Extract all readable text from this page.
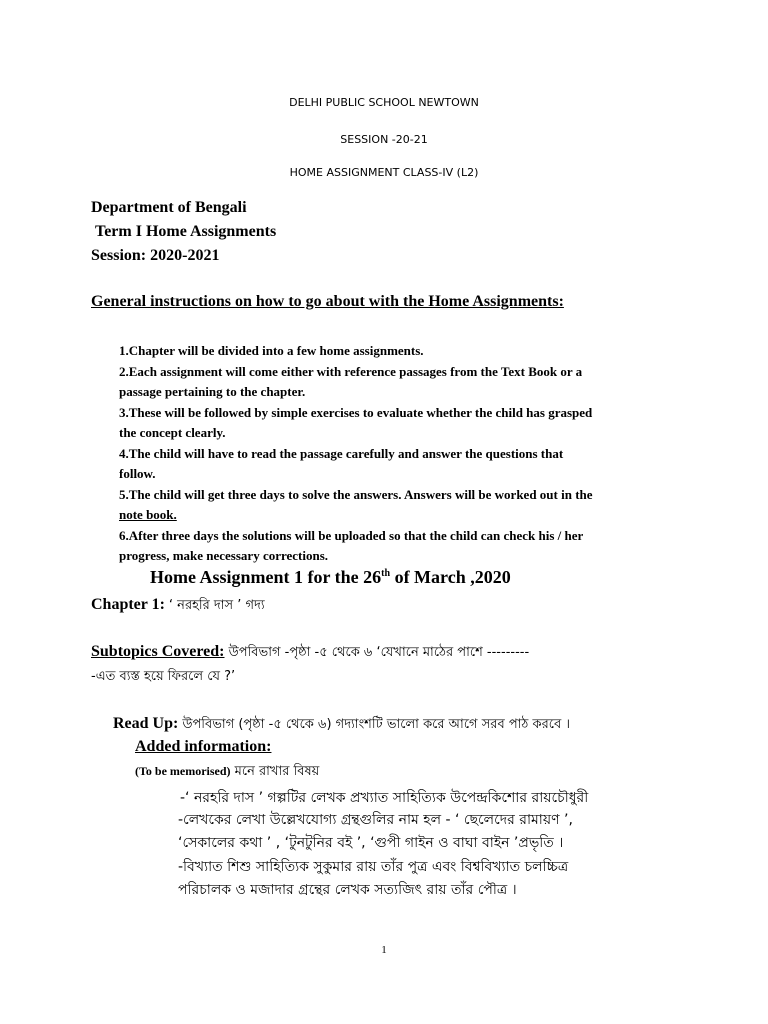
DELHI PUBLIC SCHOOL NEWTOWN
SESSION -20-21
HOME ASSIGNMENT CLASS-IV (L2)
Department of Bengali
Term I Home Assignments
Session: 2020-2021
General instructions on how to go about with the Home Assignments:
1.Chapter will be divided into a few home assignments.
2.Each assignment will come either with reference passages from the Text Book or a
passage pertaining to the chapter.
3.These will be followed by simple exercises to evaluate whether the child has grasped
the concept clearly.
4.The child will have to read the passage carefully and answer the questions that
follow.
5.The child will get three days to solve the answers. Answers will be worked out in the
note book.
6.After three days the solutions will be uploaded so that the child can check his / her
progress, make necessary corrections.
Home Assignment 1 for the 26th of March ,2020
Chapter 1: ‘ নরহরি দাস ’ গদ্য
Subtopics Covered: উপবিভাগ -পৃষ্ঠা -৫ থেকে ৬ ‘যেখানে মাঠের পাশে ---------
-এত ব্যস্ত হয়ে ফিরলে যে ?’
Read Up: উপবিভাগ (পৃষ্ঠা -৫ থেকে ৬) গদ্যাংশটি ভালো করে আগে সরব পাঠ করবে ।
Added information:
(To be memorised) মনে রাখার বিষয়
-‘ নরহরি দাস ’ গল্পটির লেখক প্রখ্যাত সাহিত্যিক উপেন্দ্রকিশোর রায়চৌধুরী
-লেখকের লেখা উল্লেখযোগ্য গ্রন্থগুলির নাম হল - ‘ ছেলেদের রামায়ণ ’,
‘সেকালের কথা ’ , ‘টুনটুনির বই ’, ‘গুপী গাইন ও বাঘা বাইন ’প্রভৃতি ।
-বিখ্যাত শিশু সাহিত্যিক সুকুমার রায় তাঁর পুত্র এবং বিশ্ববিখ্যাত চলচ্চিত্র
পরিচালক ও মজাদার গ্রন্থের লেখক সত্যজিৎ রায় তাঁর পৌত্র ।
1
